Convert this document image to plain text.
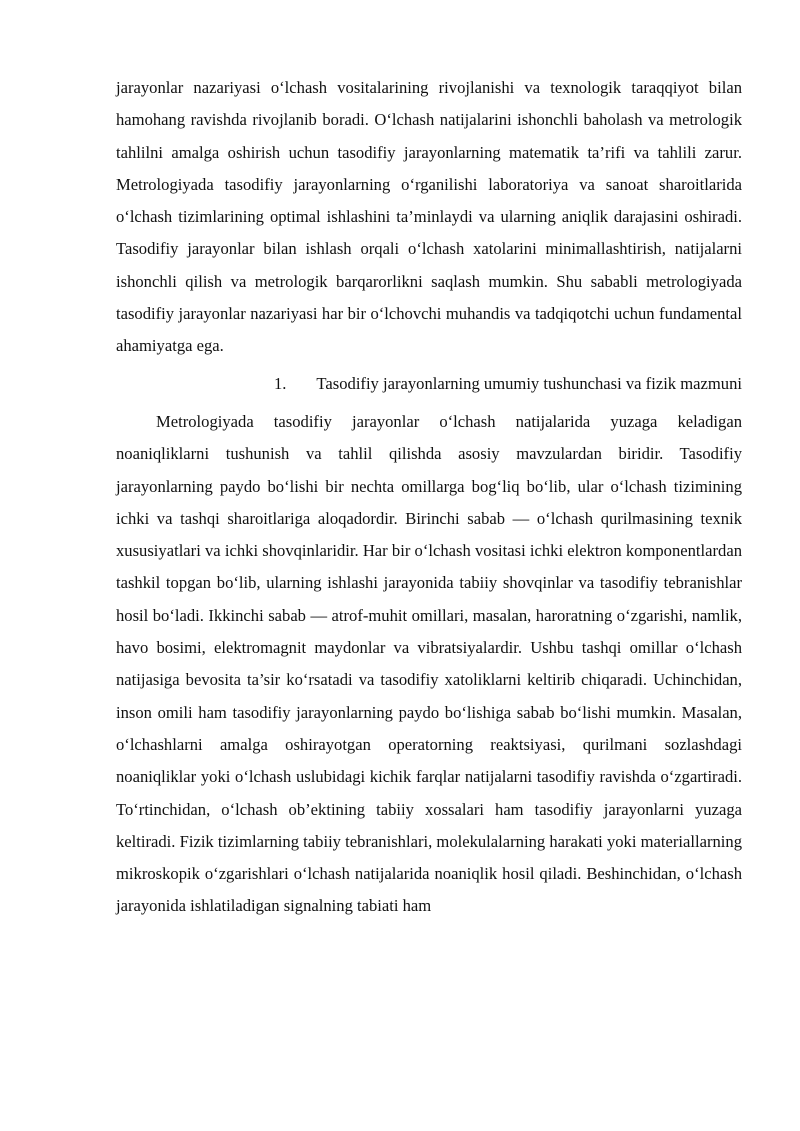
jarayonlar nazariyasi o‘lchash vositalarining rivojlanishi va texnologik taraqqiyot bilan hamohang ravishda rivojlanib boradi. O‘lchash natijalarini ishonchli baholash va metrologik tahlilni amalga oshirish uchun tasodifiy jarayonlarning matematik ta’rifi va tahlili zarur. Metrologiyada tasodifiy jarayonlarning o‘rganilishi laboratoriya va sanoat sharoitlarida o‘lchash tizimlarining optimal ishlashini ta’minlaydi va ularning aniqlik darajasini oshiradi. Tasodifiy jarayonlar bilan ishlash orqali o‘lchash xatolarini minimallashtirish, natijalarni ishonchli qilish va metrologik barqarorlikni saqlash mumkin. Shu sababli metrologiyada tasodifiy jarayonlar nazariyasi har bir o‘lchovchi muhandis va tadqiqotchi uchun fundamental ahamiyatga ega.

1. Tasodifiy jarayonlarning umumiy tushunchasi va fizik mazmuni

Metrologiyada tasodifiy jarayonlar o‘lchash natijalarida yuzaga keladigan noaniqliklarni tushunish va tahlil qilishda asosiy mavzulardan biridir. Tasodifiy jarayonlarning paydo bo‘lishi bir nechta omillarga bog‘liq bo‘lib, ular o‘lchash tizimining ichki va tashqi sharoitlariga aloqadordir. Birinchi sabab — o‘lchash qurilmasining texnik xususiyatlari va ichki shovqinlaridir. Har bir o‘lchash vositasi ichki elektron komponentlardan tashkil topgan bo‘lib, ularning ishlashi jarayonida tabiiy shovqinlar va tasodifiy tebranishlar hosil bo‘ladi. Ikkinchi sabab — atrof-muhit omillari, masalan, haroratning o‘zgarishi, namlik, havo bosimi, elektromagnit maydonlar va vibratsiyalardir. Ushbu tashqi omillar o‘lchash natijasiga bevosita ta’sir ko‘rsatadi va tasodifiy xatoliklarni keltirib chiqaradi. Uchinchidan, inson omili ham tasodifiy jarayonlarning paydo bo‘lishiga sabab bo‘lishi mumkin. Masalan, o‘lchashlarni amalga oshirayotgan operatorning reaktsiyasi, qurilmani sozlashdagi noaniqliklar yoki o‘lchash uslubidagi kichik farqlar natijalarni tasodifiy ravishda o‘zgartiradi. To‘rtinchidan, o‘lchash ob’ektining tabiiy xossalari ham tasodifiy jarayonlarni yuzaga keltiradi. Fizik tizimlarning tabiiy tebranishlari, molekulalarning harakati yoki materiallarning mikroskopik o‘zgarishlari o‘lchash natijalarida noaniqlik hosil qiladi. Beshinchidan, o‘lchash jarayonida ishlatiladigan signalning tabiati ham
